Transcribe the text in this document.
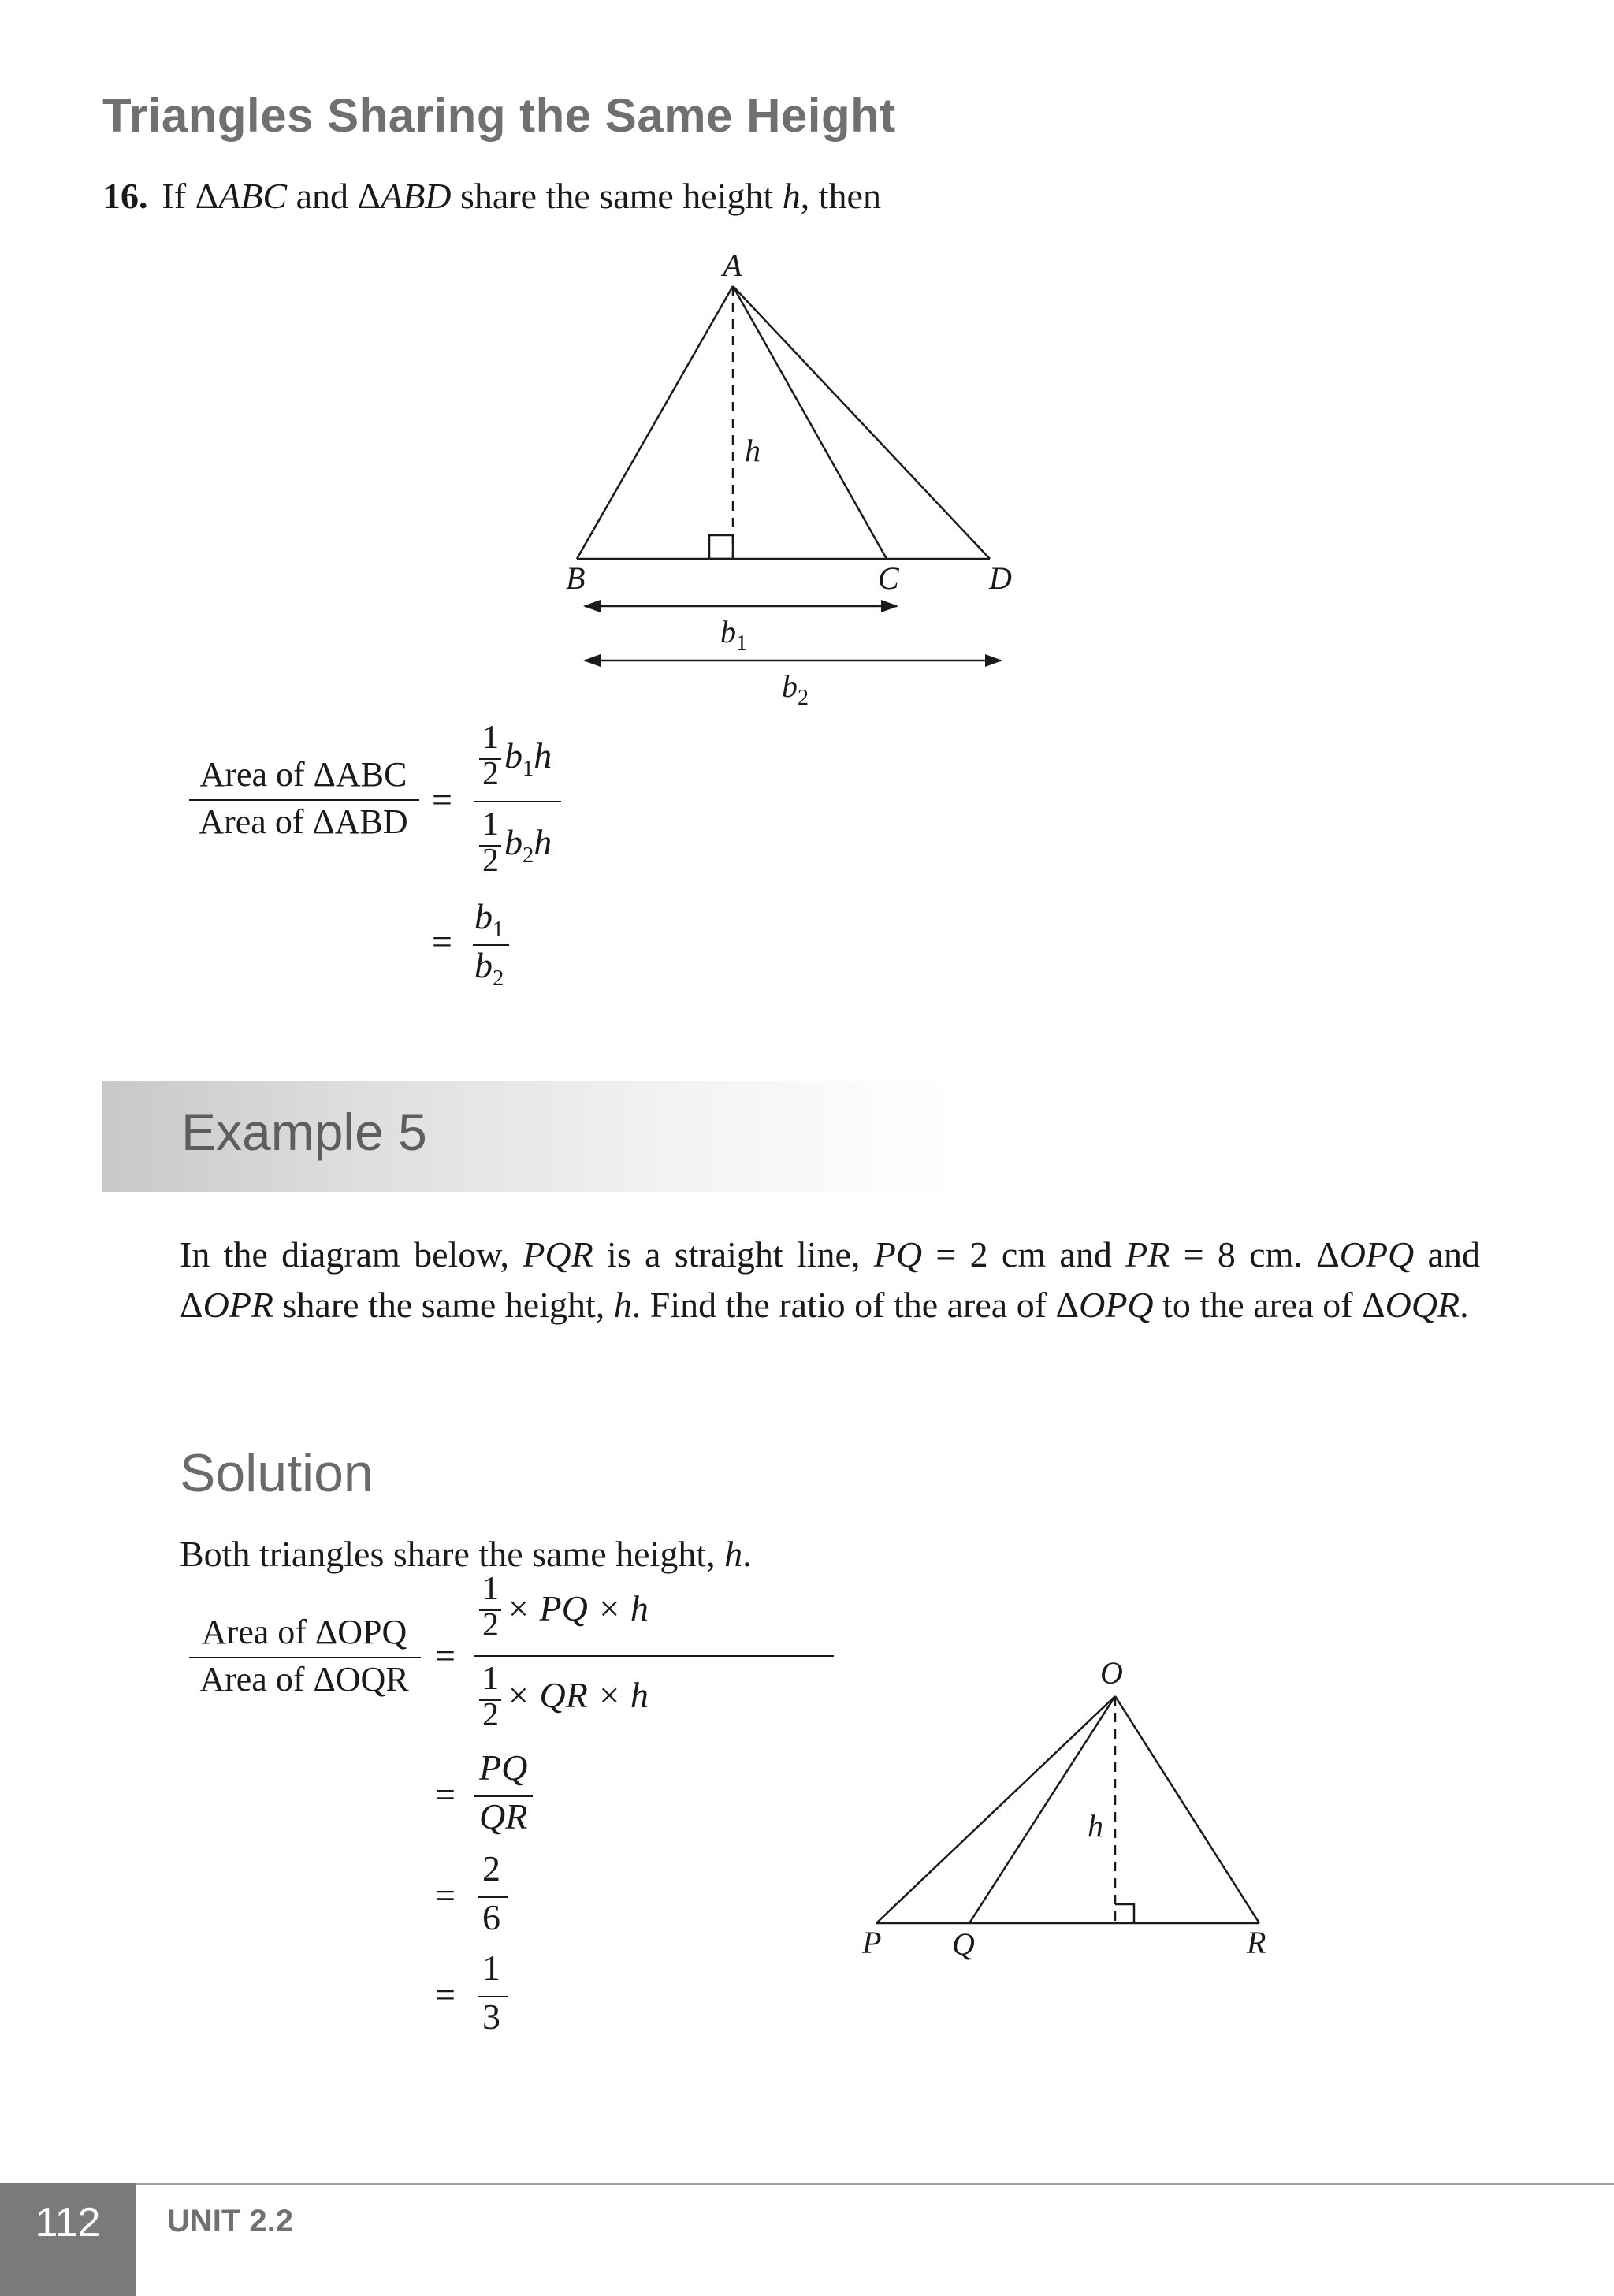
Triangles Sharing the Same Height
16. If ΔABC and ΔABD share the same height h, then
A
h
B	C	D
$b_1$
$b_2$
Area of ΔABC
Area of ΔABD
=
1
2 $b_1h$
1
2 $b_2h$
=
$b_1$
$b_2$
Example 5
In the diagram below, PQR is a straight line, PQ = 2 cm and PR = 8 cm. ΔOPQ and ΔOPR share the same height, h. Find the ratio of the area of ΔOPQ to the area of ΔOQR.
Solution
Both triangles share the same height, h.
Area of ΔOPQ
Area of ΔOQR
=
1
2 × PQ × h
1
2 × QR × h
=
PQ
QR
=
2
6
=
1
3
O
h
P Q	R
112	UNIT 2.2
